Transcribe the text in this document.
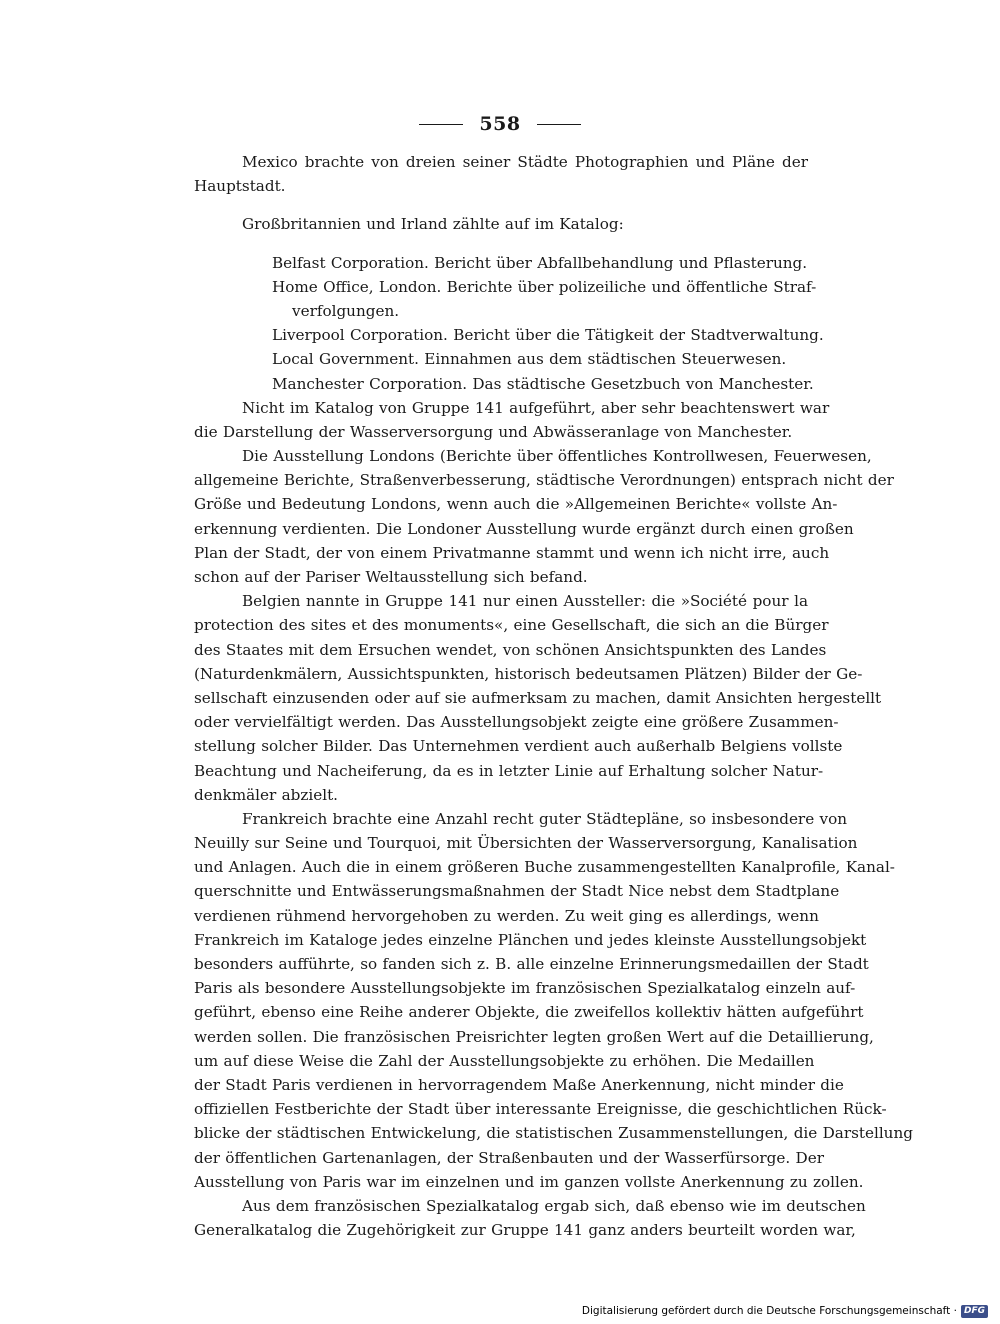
558
Mexico brachte von dreien seiner Städte Photographien und Pläne der
Hauptstadt.
Großbritannien und Irland zählte auf im Katalog:
Belfast Corporation. Bericht über Abfallbehandlung und Pflasterung.
Home Office, London. Berichte über polizeiliche und öffentliche Straf-
verfolgungen.
Liverpool Corporation. Bericht über die Tätigkeit der Stadtverwaltung.
Local Government. Einnahmen aus dem städtischen Steuerwesen.
Manchester Corporation. Das städtische Gesetzbuch von Manchester.
Nicht im Katalog von Gruppe 141 aufgeführt, aber sehr beachtenswert war
die Darstellung der Wasserversorgung und Abwässeranlage von Manchester.
Die Ausstellung Londons (Berichte über öffentliches Kontrollwesen, Feuerwesen,
allgemeine Berichte, Straßenverbesserung, städtische Verordnungen) entsprach nicht der
Größe und Bedeutung Londons, wenn auch die »Allgemeinen Berichte« vollste An-
erkennung verdienten. Die Londoner Ausstellung wurde ergänzt durch einen großen
Plan der Stadt, der von einem Privatmanne stammt und wenn ich nicht irre, auch
schon auf der Pariser Weltausstellung sich befand.
Belgien nannte in Gruppe 141 nur einen Aussteller: die »Société pour la
protection des sites et des monuments«, eine Gesellschaft, die sich an die Bürger
des Staates mit dem Ersuchen wendet, von schönen Ansichtspunkten des Landes
(Naturdenkmälern, Aussichtspunkten, historisch bedeutsamen Plätzen) Bilder der Ge-
sellschaft einzusenden oder auf sie aufmerksam zu machen, damit Ansichten hergestellt
oder vervielfältigt werden. Das Ausstellungsobjekt zeigte eine größere Zusammen-
stellung solcher Bilder. Das Unternehmen verdient auch außerhalb Belgiens vollste
Beachtung und Nacheiferung, da es in letzter Linie auf Erhaltung solcher Natur-
denkmäler abzielt.
Frankreich brachte eine Anzahl recht guter Städtepläne, so insbesondere von
Neuilly sur Seine und Tourquoi, mit Übersichten der Wasserversorgung, Kanalisation
und Anlagen. Auch die in einem größeren Buche zusammengestellten Kanalprofile, Kanal-
querschnitte und Entwässerungsmaßnahmen der Stadt Nice nebst dem Stadtplane
verdienen rühmend hervorgehoben zu werden. Zu weit ging es allerdings, wenn
Frankreich im Kataloge jedes einzelne Plänchen und jedes kleinste Ausstellungsobjekt
besonders aufführte, so fanden sich z. B. alle einzelne Erinnerungsmedaillen der Stadt
Paris als besondere Ausstellungsobjekte im französischen Spezialkatalog einzeln auf-
geführt, ebenso eine Reihe anderer Objekte, die zweifellos kollektiv hätten aufgeführt
werden sollen. Die französischen Preisrichter legten großen Wert auf die Detaillierung,
um auf diese Weise die Zahl der Ausstellungsobjekte zu erhöhen. Die Medaillen
der Stadt Paris verdienen in hervorragendem Maße Anerkennung, nicht minder die
offiziellen Festberichte der Stadt über interessante Ereignisse, die geschichtlichen Rück-
blicke der städtischen Entwickelung, die statistischen Zusammenstellungen, die Darstellung
der öffentlichen Gartenanlagen, der Straßenbauten und der Wasserfürsorge. Der
Ausstellung von Paris war im einzelnen und im ganzen vollste Anerkennung zu zollen.
Aus dem französischen Spezialkatalog ergab sich, daß ebenso wie im deutschen
Generalkatalog die Zugehörigkeit zur Gruppe 141 ganz anders beurteilt worden war,
Digitalisierung gefördert durch die Deutsche Forschungsgemeinschaft · DFG
